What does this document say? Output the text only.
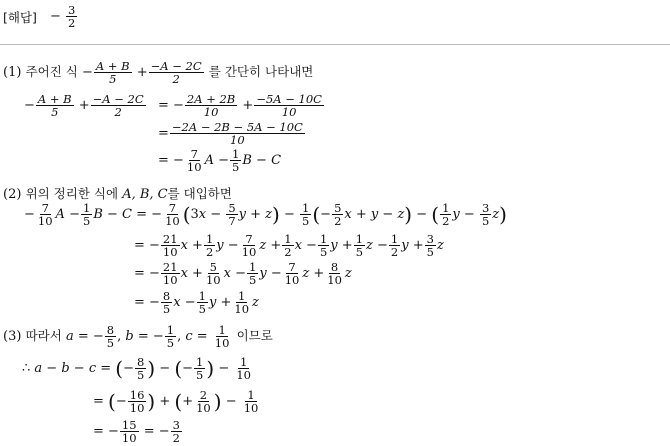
[해답] − $\frac{3}{2}$
(1) 주어진 식 − $\frac{A + B}{5} + \frac{-A - 2C}{2}$ 를 간단히 나타내면
− $\frac{A + B}{5} + \frac{-A - 2C}{2}$ = − $\frac{2A + 2B}{10} + \frac{-5A - 10C}{10}$
= $\frac{-2A - 2B - 5A - 10C}{10}$
= − $\frac{7}{10}$ $A - \frac{1}{5}$ B − C
(2) 위의 정리한 식에 A, B, C를 대입하면
− $\frac{7}{10}$ $A - \frac{1}{5}$ B − C = − $\frac{7}{10} (3x - \frac{5}{7}$ $y + z) - \frac{1}{5}$ (− $\frac{5}{2}$ x + y − z) − ( $\frac{1}{2}$ $y - \frac{3}{5} z$)
= − $\frac{21}{10}$ $x + \frac{1}{2}$ $y - \frac{7}{10}$ $z + \frac{1}{2}$ $x - \frac{1}{5}$ $y + \frac{1}{5}$ $z - \frac{1}{2}$ $y + \frac{3}{5}$ z
= − $\frac{21}{10}$ $x + \frac{5}{10}$ $x - \frac{1}{5}$ $y - \frac{7}{10}$ $z + \frac{8}{10}$ z
= − $\frac{8}{5}$ $x - \frac{1}{5}$ $y + \frac{1}{10}$ z
(3) 따라서 a = − $\frac{8}{5}$ , b = − $\frac{1}{5}$ , $c = \frac{1}{10}$ 이므로
∴ a − b − c = (− $\frac{8}{5}$ ) − (− $\frac{1}{5}$ ) − $\frac{1}{10}$
= (− $\frac{16}{10}$ ) + (+ $\frac{2}{10}$ ) − $\frac{1}{10}$
= − $\frac{15}{10}$ = − $\frac{3}{2}$
